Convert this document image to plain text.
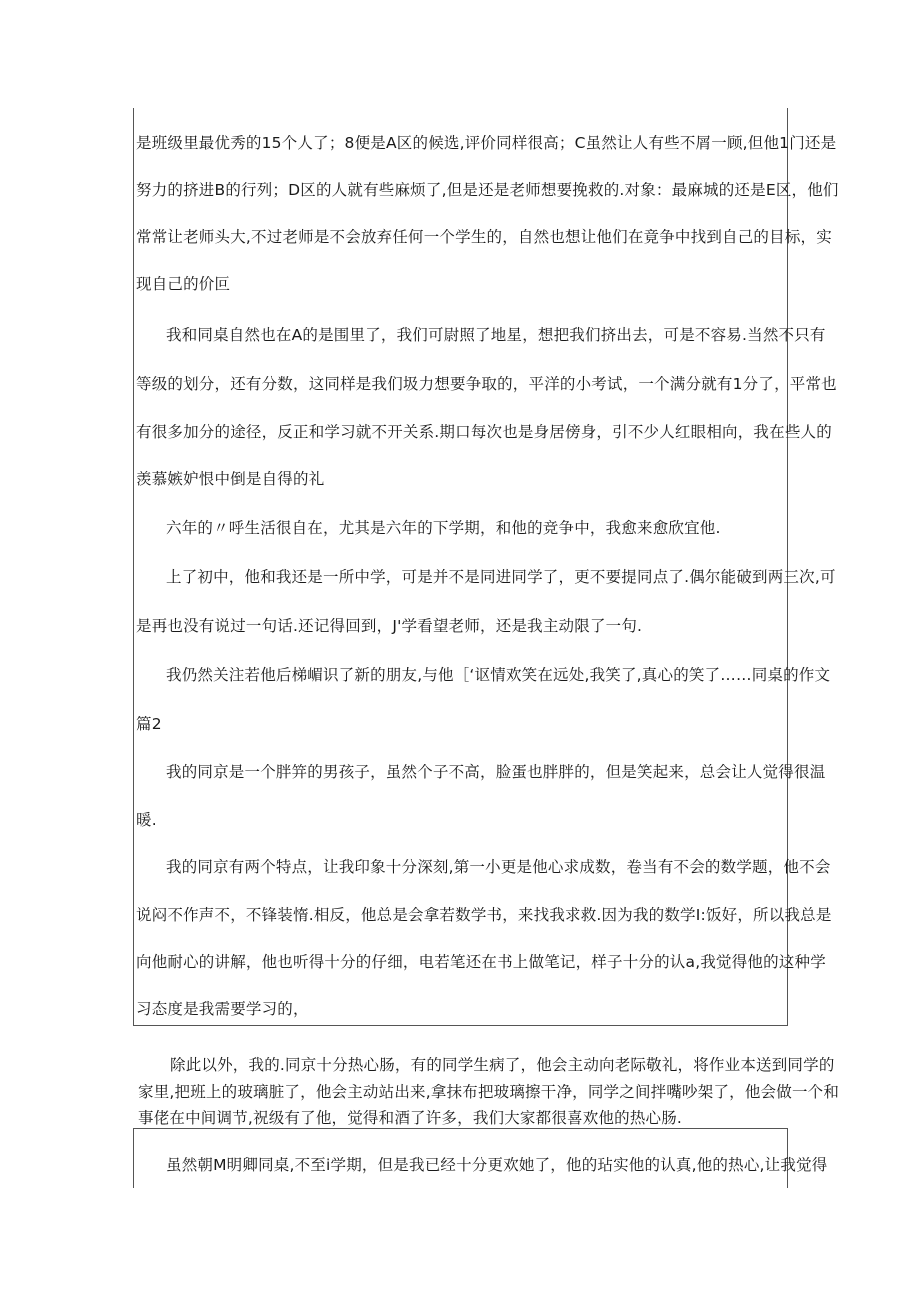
是班级里最优秀的15个人了；8便是A区的候选,评价同样很高；C虽然让人有些不屑一顾,但他1门还是
努力的挤进B的行列；D区的人就有些麻烦了,但是还是老师想要挽救的.对象：最麻城的还是E区，他们
常常让老师头大,不过老师是不会放弃任何一个学生的，自然也想让他们在竟争中找到自己的目标，实
现自己的价叵
我和同桌自然也在A的是围里了，我们可尉照了地星，想把我们挤出去，可是不容易.当然不只有
等级的划分，还有分数，这同样是我们圾力想要争取的，平洋的小考试，一个满分就有1分了，平常也
有很多加分的途径，反正和学习就不开关系.期口每次也是身居傍身，引不少人红眼相向，我在些人的
羡慕嫉妒恨中倒是自得的礼
六年的〃呼生活很自在，尤其是六年的下学期，和他的竞争中，我愈来愈欣宜他.
上了初中，他和我还是一所中学，可是并不是同进同学了，更不要提同点了.偶尔能破到两三次,可
是再也没有说过一句话.还记得回到，J'学看望老师，还是我主动限了一句.
我仍然关注若他后梯嵋识了新的朋友,与他［‘讴情欢笑在远处,我笑了,真心的笑了……同桌的作文
篇2
我的同京是一个胖笄的男孩子，虽然个子不高，脸蛋也胖胖的，但是笑起来，总会让人觉得很温
暖.
我的同京有两个特点，让我印象十分深刻,第一小更是他心求成数，卷当有不会的数学题，他不会
说闷不作声不，不锋装惰.相反，他总是会拿若数学书，来找我求救.因为我的数学I:饭好，所以我总是
向他耐心的讲解，他也听得十分的仔细，电若笔还在书上做笔记，样子十分的认a,我觉得他的这种学
习态度是我需要学习的，
除此以外，我的.同京十分热心肠，有的同学生病了，他会主动向老际敬礼，将作业本送到同学的
家里,把班上的玻璃脏了，他会主动站出来,拿抹布把玻璃擦干净，同学之间拌嘴吵架了，他会做一个和
事佬在中间调节,祝级有了他，觉得和酒了许多，我们大家都很喜欢他的热心肠.
虽然朝M明卿同桌,不至i学期，但是我已经十分更欢她了，他的玷实他的认真,他的热心,让我觉得
